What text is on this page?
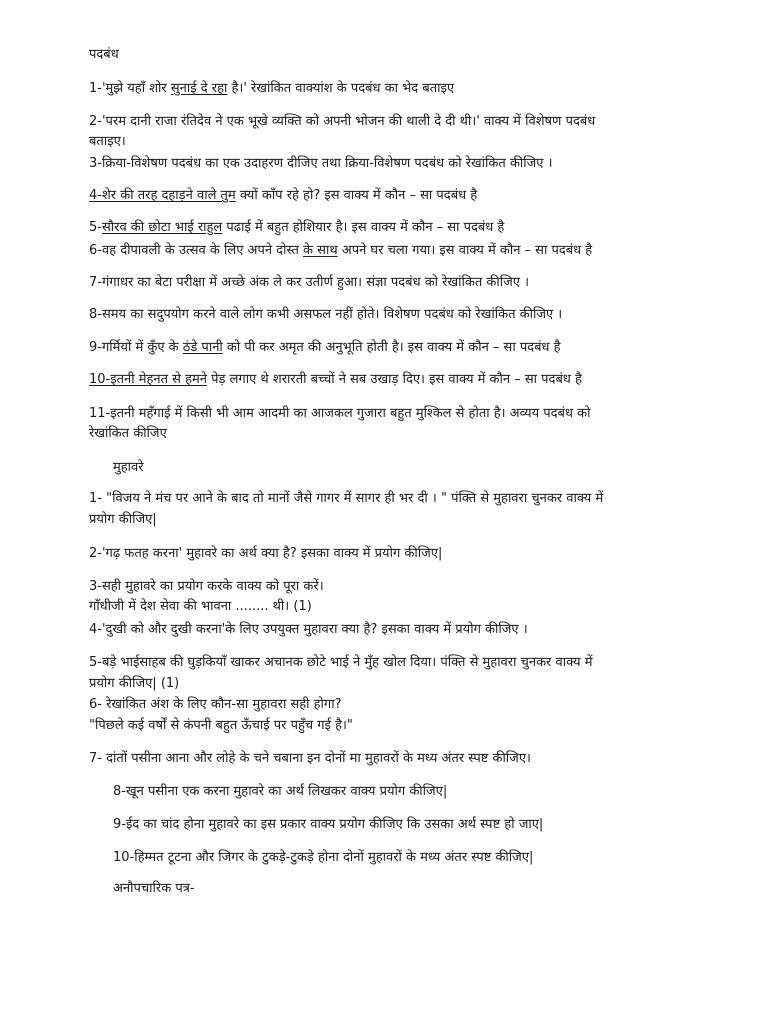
पदबंध
1-'मुझे यहाँ शोर सुनाई दे रहा है।' रेखांकित वाक्यांश के पदबंध का भेद बताइए
2-'परम दानी राजा रंतिदेव ने एक भूखे व्यक्ति को अपनी भोजन की थाली दे दी थी।' वाक्य में विशेषण पदबंध
बताइए।
3-क्रिया-विशेषण पदबंध का एक उदाहरण दीजिए तथा क्रिया-विशेषण पदबंध को रेखांकित कीजिए ।
4-शेर की तरह दहाड़ने वाले तुम क्यों काँप रहे हो? इस वाक्य में कौन – सा पदबंध है
5-सौरव की छोटा भाई राहुल पढाई में बहुत होशियार है। इस वाक्य में कौन – सा पदबंध है
6-वह दीपावली के उत्सव के लिए अपने दोस्त के साथ अपने घर चला गया। इस वाक्य में कौन – सा पदबंध है
7-गंगाधर का बेटा परीक्षा में अच्छे अंक ले कर उतीर्ण हुआ। संज्ञा पदबंध को रेखांकित कीजिए ।
8-समय का सदुपयोग करने वाले लोग कभी असफल नहीं होते। विशेषण पदबंध को रेखांकित कीजिए ।
9-गर्मियों में कुँए के ठंडे पानी को पी कर अमृत की अनुभूति होती है। इस वाक्य में कौन – सा पदबंध है
10-इतनी मेहनत से हमने पेड़ लगाए थे शरारती बच्चों ने सब उखाड़ दिए। इस वाक्य में कौन – सा पदबंध है
11-इतनी महँगाई में किसी भी आम आदमी का आजकल गुजारा बहुत मुश्किल से होता है। अव्यय पदबंध को
रेखांकित कीजिए
मुहावरे
1- "विजय ने मंच पर आने के बाद तो मानों जैसे गागर में सागर ही भर दी । " पंक्ति से मुहावरा चुनकर वाक्य में
प्रयोग कीजिए|
2-'गढ़ फतह करना' मुहावरे का अर्थ क्या है? इसका वाक्य में प्रयोग कीजिए|
3-सही मुहावरे का प्रयोग करके वाक्य को पूरा करें।
गाँधीजी में देश सेवा की भावना ........ थी। (1)
4-'दुखी को और दुखी करना'के लिए उपयुक्त मुहावरा क्या है? इसका वाक्य में प्रयोग कीजिए ।
5-बड़े भाईसाहब की घुड़कियाँ खाकर अचानक छोटे भाई ने मुँह खोल दिया। पंक्ति से मुहावरा चुनकर वाक्य में
प्रयोग कीजिए| (1)
6- रेखांकित अंश के लिए कौन-सा मुहावरा सही होगा?
"पिछले कई वर्षों से कंपनी बहुत ऊँचाई पर पहुँच गई है।"
7- दांतों पसीना आना और लोहे के चने चबाना इन दोनों मा मुहावरों के मध्य अंतर स्पष्ट कीजिए।
8-खून पसीना एक करना मुहावरे का अर्थ लिखकर वाक्य प्रयोग कीजिए|
9-ईद का चांद होना मुहावरे का इस प्रकार वाक्य प्रयोग कीजिए कि उसका अर्थ स्पष्ट हो जाए|
10-हिम्मत टूटना और जिगर के टुकड़े-टुकड़े होना दोनों मुहावरों के मध्य अंतर स्पष्ट कीजिए|
अनौपचारिक पत्र-
